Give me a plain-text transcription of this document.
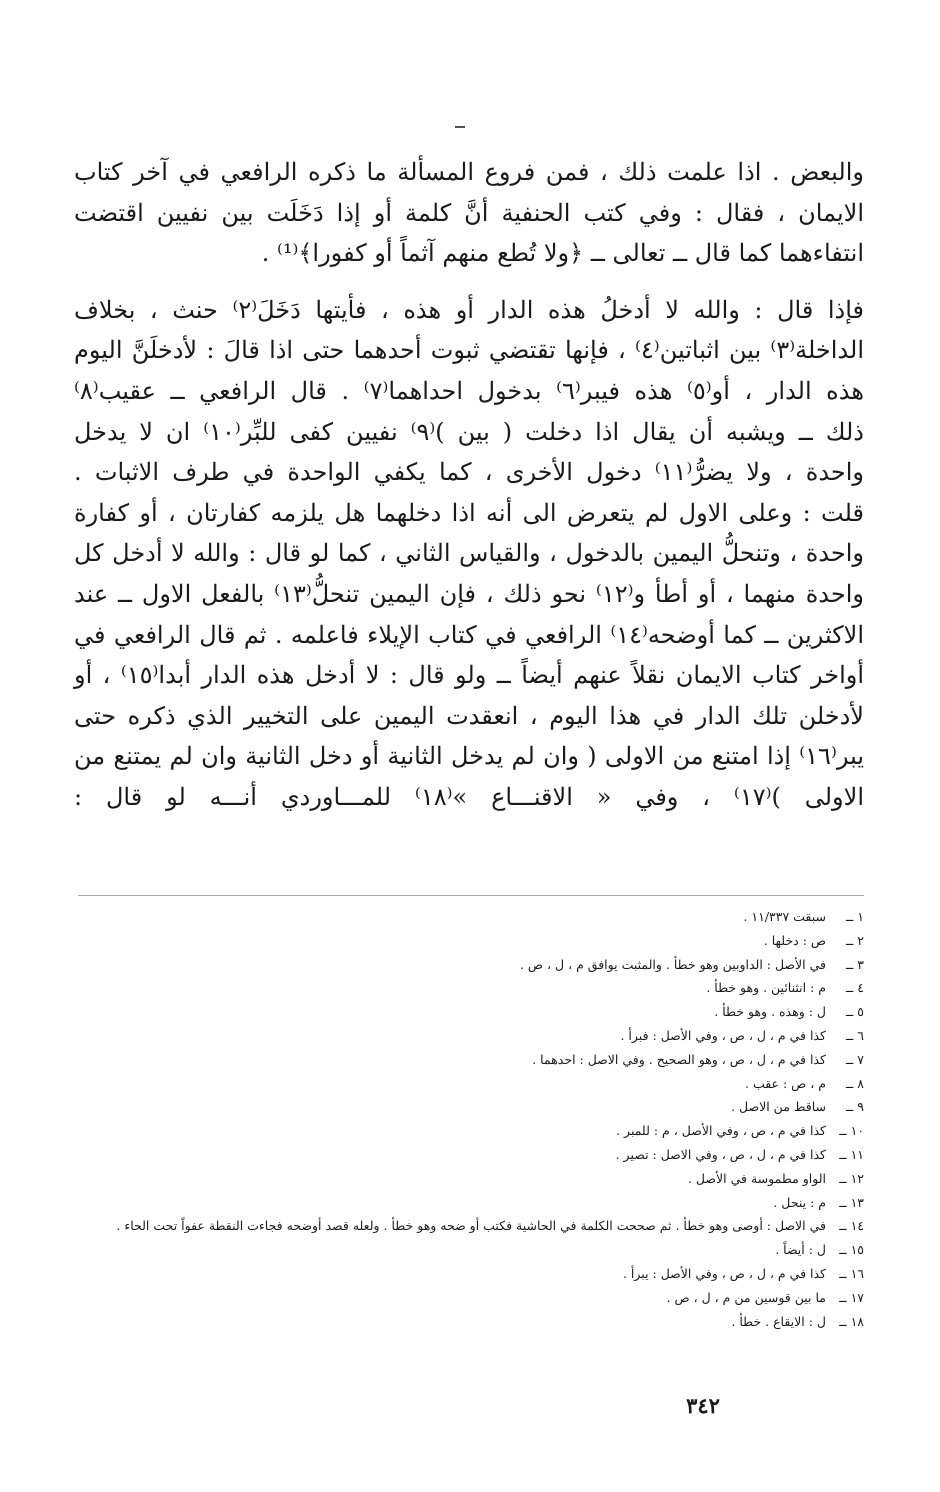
والبعض . اذا علمت ذلك ، فمن فروع المسألة ما ذكره الرافعي في آخر كتاب

الايمان ، فقال : وفي كتب الحنفية أنَّ كلمة أو إذا دَخَلَت بين نفيين اقتضت

انتفاءهما كما قال ــ تعالى ــ ﴿ولا تُطع منهم آثماً أو كفورا﴾⁽¹⁾ .

فإذا قال : والله لا أدخلُ هذه الدار أو هذه ، فأيتها دَخَلَ⁽٢⁾ حنث ، بخلاف

الداخلة⁽٣⁾ بين اثباتين⁽٤⁾ ، فإنها تقتضي ثبوت أحدهما حتى اذا قالَ : لأدخلَنَّ اليوم

هذه الدار ، أو⁽٥⁾ هذه فيبر⁽٦⁾ بدخول احداهما⁽٧⁾ . قال الرافعي ــ عقيب⁽٨⁾

ذلك ــ ويشبه أن يقال اذا دخلت ( بين )⁽٩⁾ نفيين كفى للبِّر⁽١٠⁾ ان لا يدخل

واحدة ، ولا يضرُّ⁽١١⁾ دخول الأخرى ، كما يكفي الواحدة في طرف الاثبات .

قلت : وعلى الاول لم يتعرض الى أنه اذا دخلهما هل يلزمه كفارتان ، أو كفارة

واحدة ، وتنحلُّ اليمين بالدخول ، والقياس الثاني ، كما لو قال : والله لا أدخل كل

واحدة منهما ، أو أطأ و⁽١٢⁾ نحو ذلك ، فإن اليمين تنحلُّ⁽١٣⁾ بالفعل الاول ــ عند

الاكثرين ــ كما أوضحه⁽١٤⁾ الرافعي في كتاب الإيلاء فاعلمه . ثم قال الرافعي في

أواخر كتاب الايمان نقلاً عنهم أيضاً ــ ولو قال : لا أدخل هذه الدار أبدا⁽١٥⁾ ، أو

لأدخلن تلك الدار في هذا اليوم ، انعقدت اليمين على التخيير الذي ذكره حتى

يبر⁽١٦⁾ إذا امتنع من الاولى ( وان لم يدخل الثانية أو دخل الثانية وان لم يمتنع من

الاولى )⁽١٧⁾ ، وفي « الاقنـــاع »⁽١٨⁾ للمـــاوردي أنـــه لو قال :

١ ــ
سبقت ١١/٣٣٧ .
٢ ــ
ص : دخلها .
٣ ــ
في الأصل : الداوبين وهو خطأ . والمثبت يوافق م ، ل ، ص .
٤ ــ
م : انثنائين . وهو خطأ .
٥ ــ
ل : وهذه . وهو خطأ .
٦ ــ
كذا في م ، ل ، ص ، وفي الأصل : فبرأ .
٧ ــ
كذا في م ، ل ، ص ، وهو الصحيح . وفي الاصل : احدهما .
٨ ــ
م ، ص : عقب .
٩ ــ
ساقط من الاصل .
١٠ ــ
كذا في م ، ص ، وفي الأصل ، م : للمبر .
١١ ــ
كذا في م ، ل ، ص ، وفي الاصل : تصير .
١٢ ــ
الواو مطموسة في الأصل .
١٣ ــ
م : ينحل .
١٤ ــ
في الاصل : أوصى وهو خطأ . ثم صححت الكلمة في الحاشية فكتب أو ضحه وهو خطأ . ولعله قصد أوضحه فجاءت النقطة عفواً تحت الحاء .
١٥ ــ
ل : أيضاً .
١٦ ــ
كذا في م ، ل ، ص ، وفي الأصل : يبرأ .
١٧ ــ
ما بين قوسين من م ، ل ، ص .
١٨ ــ
ل : الايقاع . خطأ .
٣٤٢
